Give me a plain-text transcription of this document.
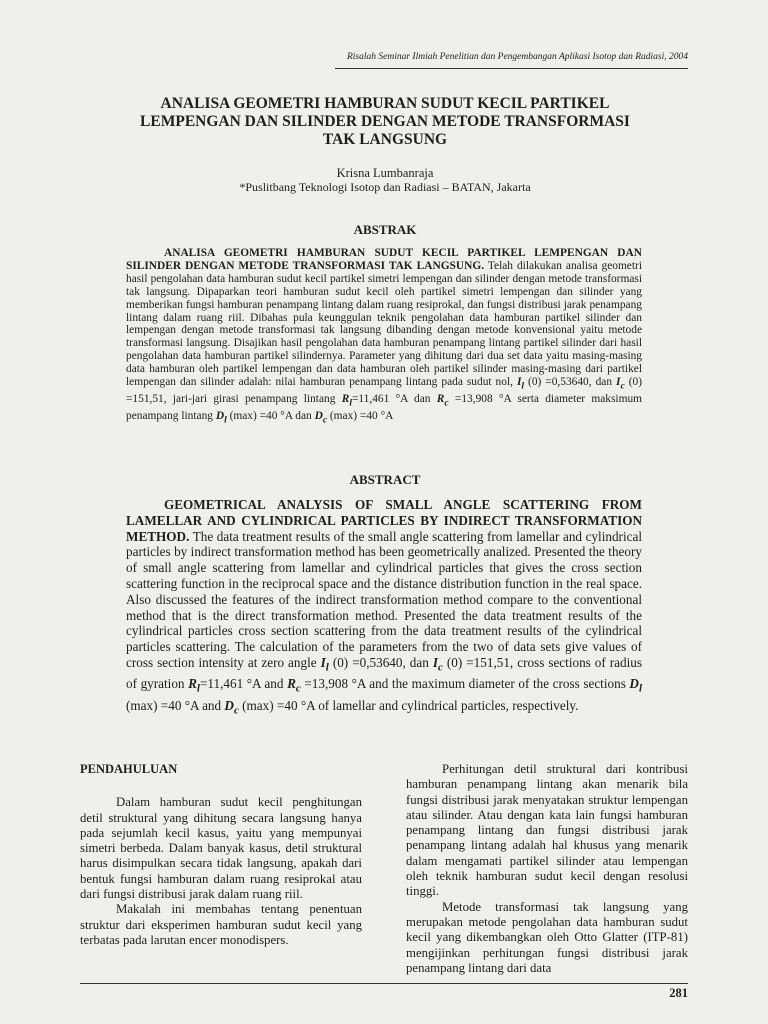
Risalah Seminar Ilmiah Penelitian dan Pengembangan Aplikasi Isotop dan Radiasi, 2004
ANALISA GEOMETRI HAMBURAN SUDUT KECIL PARTIKEL
LEMPENGAN DAN SILINDER DENGAN METODE TRANSFORMASI
TAK LANGSUNG
Krisna Lumbanraja
*Puslitbang Teknologi Isotop dan Radiasi – BATAN, Jakarta
ABSTRAK
ANALISA GEOMETRI HAMBURAN SUDUT KECIL PARTIKEL LEMPENGAN DAN SILINDER DENGAN METODE TRANSFORMASI TAK LANGSUNG. Telah dilakukan analisa geometri hasil pengolahan data hamburan sudut kecil partikel simetri lempengan dan silinder dengan metode transformasi tak langsung. Dipaparkan teori hamburan sudut kecil oleh partikel simetri lempengan dan silinder yang memberikan fungsi hamburan penampang lintang dalam ruang resiprokal, dan fungsi distribusi jarak penampang lintang dalam ruang riil. Dibahas pula keunggulan teknik pengolahan data hamburan partikel silinder dan lempengan dengan metode transformasi tak langsung dibanding dengan metode konvensional yaitu metode transformasi langsung. Disajikan hasil pengolahan data hamburan penampang lintang partikel silinder dari hasil pengolahan data hamburan partikel silindernya. Parameter yang dihitung dari dua set data yaitu masing-masing data hamburan oleh partikel lempengan dan data hamburan oleh partikel silinder masing-masing dari partikel lempengan dan silinder adalah: nilai hamburan penampang lintang pada sudut nol, $I_l$ (0) =0,53640, dan $I_c$ (0) =151,51, jari-jari girasi penampang lintang $R_l=11,461$ °A dan $R_c =13,908$ °A serta diameter maksimum penampang lintang $D_l$ (max) =40 °A dan $D_c$ (max) =40 °A
ABSTRACT
GEOMETRICAL ANALYSIS OF SMALL ANGLE SCATTERING FROM LAMELLAR AND CYLINDRICAL PARTICLES BY INDIRECT TRANSFORMATION METHOD. The data treatment results of the small angle scattering from lamellar and cylindrical particles by indirect transformation method has been geometrically analized. Presented the theory of small angle scattering from lamellar and cylindrical particles that gives the cross section scattering function in the reciprocal space and the distance distribution function in the real space. Also discussed the features of the indirect transformation method compare to the conventional method that is the direct transformation method. Presented the data treatment results of the cylindrical particles cross section scattering from the data treatment results of the cylindrical particles scattering. The calculation of the parameters from the two of data sets give values of cross section intensity at zero angle $I_l$ (0) =0,53640, dan $I_c$ (0) =151,51, cross sections of radius of gyration $R_l=11,461$ °A and $R_c =13,908$ °A and the maximum diameter of the cross sections $D_l$ (max) =40 °A and $D_c$ (max) =40 °A of lamellar and cylindrical particles, respectively.
PENDAHULUAN

Dalam hamburan sudut kecil penghitungan detil struktural yang dihitung secara langsung hanya pada sejumlah kecil kasus, yaitu yang mempunyai simetri berbeda. Dalam banyak kasus, detil struktural harus disimpulkan secara tidak langsung, apakah dari bentuk fungsi hamburan dalam ruang resiprokal atau dari fungsi distribusi jarak dalam ruang riil.

Makalah ini membahas tentang penentuan struktur dari eksperimen hamburan sudut kecil yang terbatas pada larutan encer monodispers.

Perhitungan detil struktural dari kontribusi hamburan penampang lintang akan menarik bila fungsi distribusi jarak menyatakan struktur lempengan atau silinder. Atau dengan kata lain fungsi hamburan penampang lintang dan fungsi distribusi jarak penampang lintang adalah hal khusus yang menarik dalam mengamati partikel silinder atau lempengan oleh teknik hamburan sudut kecil dengan resolusi tinggi.

Metode transformasi tak langsung yang merupakan metode pengolahan data hamburan sudut kecil yang dikembangkan oleh Otto Glatter (ITP-81) mengijinkan perhitungan fungsi distribusi jarak penampang lintang dari data

281
